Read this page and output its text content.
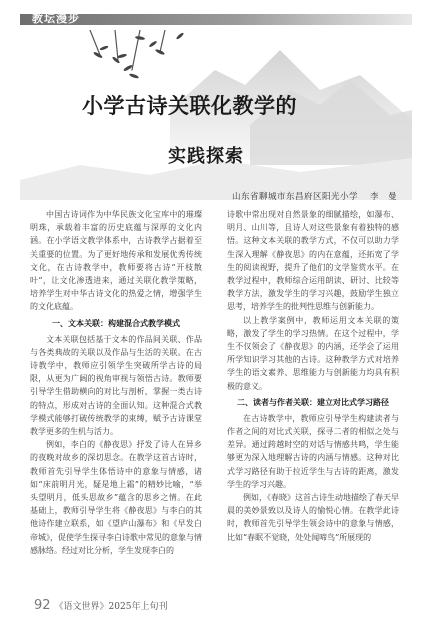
教坛漫步
小学古诗关联化教学的
实践探索
山东省聊城市东昌府区阳光小学 李　曼

中国古诗词作为中华民族文化宝库中的璀璨明珠，承载着丰富的历史底蕴与深厚的文化内涵。在小学语文教学体系中，古诗教学占据着至关重要的位置。为了更好地传承和发展优秀传统文化，在古诗教学中，教师要将古诗“开枝散叶”，让文化渗透进来，通过关联化教学策略，培养学生对中华古诗文化的热爱之情，增强学生的文化底蕴。

一、文本关联：构建混合式教学模式

文本关联包括基于文本的作品间关联、作品与各类典故的关联以及作品与生活的关联。在古诗教学中，教师应引领学生突破所学古诗的局限，从更为广阔的视角审视与领悟古诗。教师要引导学生借助横向的对比与剖析，掌握一类古诗的特点，形成对古诗的全面认知。这种混合式教学模式能够打破传统教学的束缚，赋予古诗课堂教学更多的生机与活力。

例如，李白的《静夜思》抒发了诗人在异乡的夜晚对故乡的深切思念。在教学这首古诗时，教师首先引导学生体悟诗中的意象与情感，诸如“床前明月光，疑是地上霜”的精妙比喻，“举头望明月，低头思故乡”蕴含的思乡之情。在此基础上，教师引导学生将《静夜思》与李白的其他诗作建立联系，如《望庐山瀑布》和《早发白帝城》，促使学生探寻李白诗歌中常见的意象与情感脉络。经过对比分析，学生发现李白的

诗歌中常出现对自然景象的细腻描绘，如瀑布、明月、山川等，且诗人对这些景象有着独特的感悟。这种文本关联的教学方式，不仅可以助力学生深入理解《静夜思》的内在意蕴，还拓宽了学生的阅读视野，提升了他们的文学鉴赏水平。在教学过程中，教师综合运用朗读、研讨、比较等教学方法，激发学生的学习兴趣，鼓励学生独立思考，培养学生的批判性思维与创新能力。

以上教学案例中，教师运用文本关联的策略，激发了学生的学习热情。在这个过程中，学生不仅领会了《静夜思》的内涵，还学会了运用所学知识学习其他的古诗。这种教学方式对培养学生的语文素养、思维能力与创新能力均具有积极的意义。

二、读者与作者关联：建立对比式学习路径

在古诗教学中，教师应引导学生构建读者与作者之间的对比式关联，探寻二者的相似之处与差异。通过跨越时空的对话与情感共鸣，学生能够更为深入地理解古诗的内涵与情感。这种对比式学习路径有助于拉近学生与古诗的距离，激发学生的学习兴趣。

例如，《春晓》这首古诗生动地描绘了春天早晨的美妙景致以及诗人的愉悦心情。在教学此诗时，教师首先引导学生领会诗中的意象与情感，比如“春眠不觉晓，处处闻啼鸟”所展现的

92 《语文世界》2025年上旬刊
